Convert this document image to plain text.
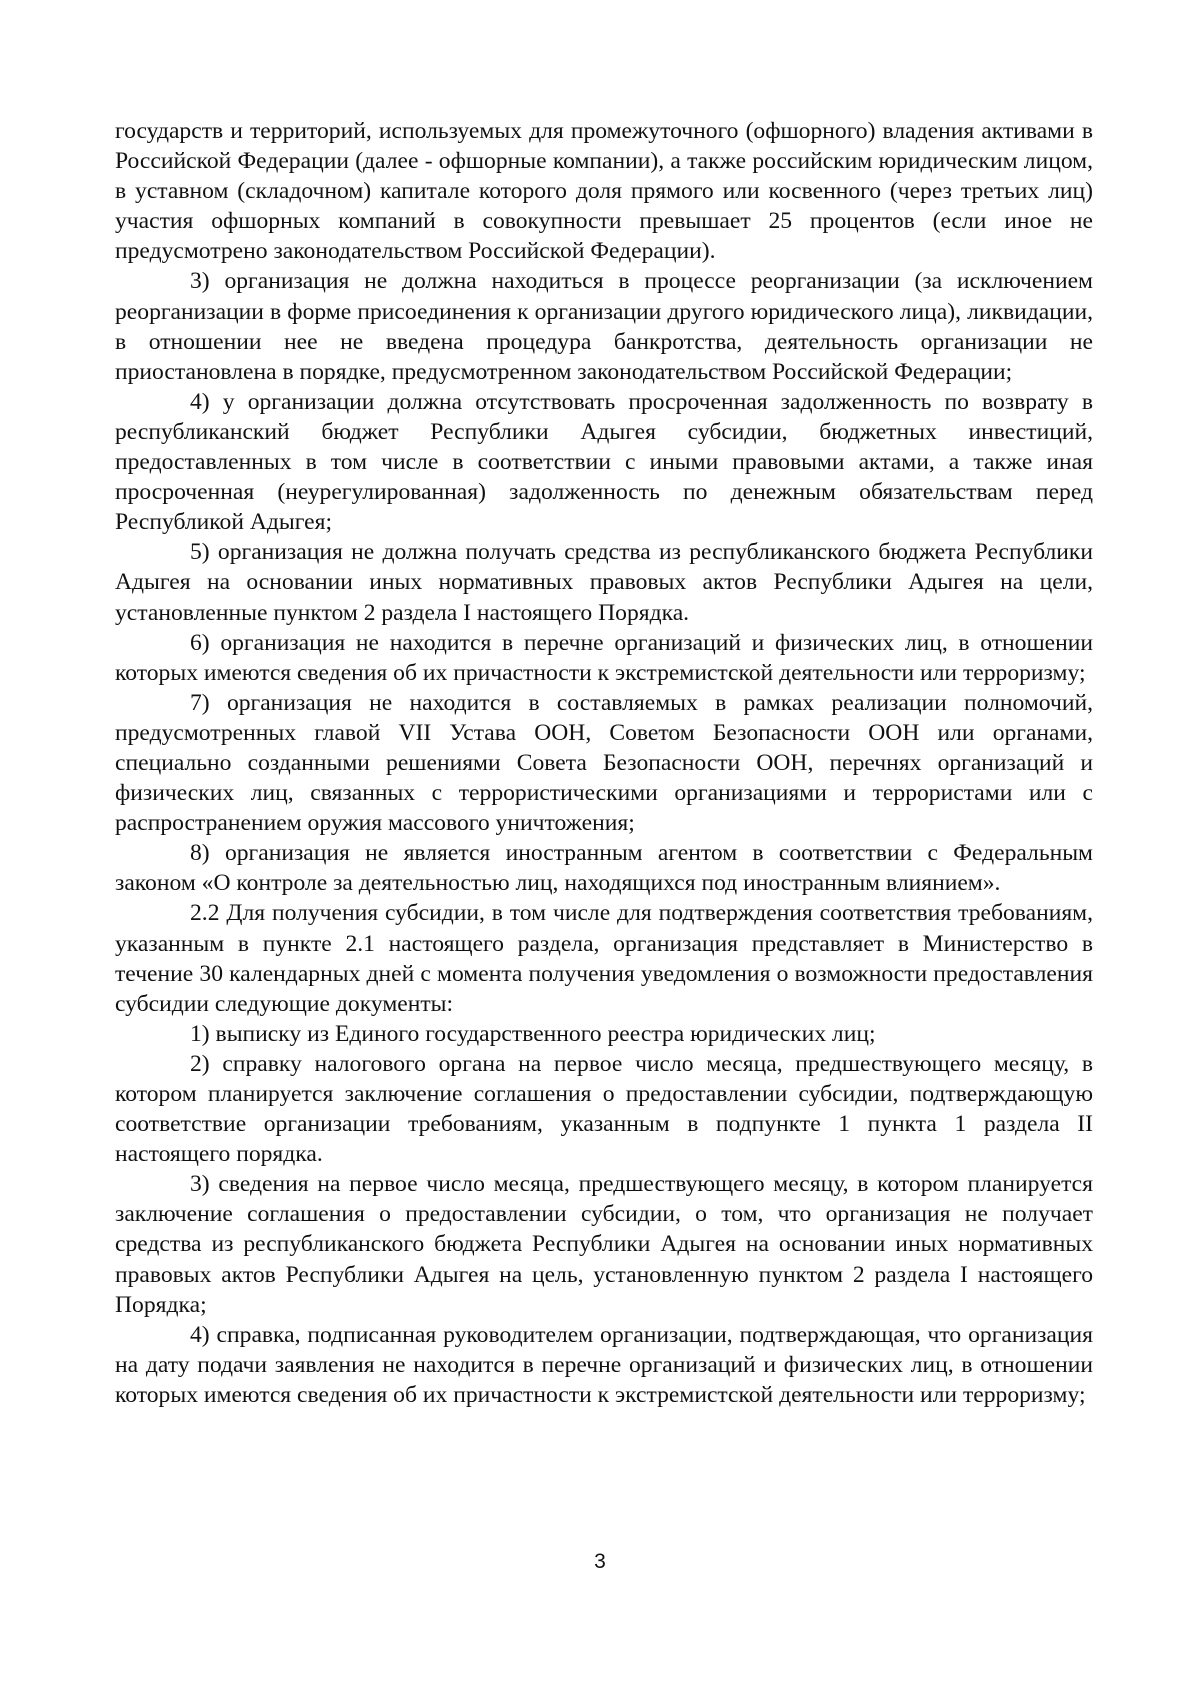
государств и территорий, используемых для промежуточного (офшорного) владения активами в Российской Федерации (далее - офшорные компании), а также российским юридическим лицом, в уставном (складочном) капитале которого доля прямого или косвенного (через третьих лиц) участия офшорных компаний в совокупности превышает 25 процентов (если иное не предусмотрено законодательством Российской Федерации).

3) организация не должна находиться в процессе реорганизации (за исключением реорганизации в форме присоединения к организации другого юридического лица), ликвидации, в отношении нее не введена процедура банкротства, деятельность организации не приостановлена в порядке, предусмотренном законодательством Российской Федерации;

4) у организации должна отсутствовать просроченная задолженность по возврату в республиканский бюджет Республики Адыгея субсидии, бюджетных инвестиций, предоставленных в том числе в соответствии с иными правовыми актами, а также иная просроченная (неурегулированная) задолженность по денежным обязательствам перед Республикой Адыгея;

5) организация не должна получать средства из республиканского бюджета Республики Адыгея на основании иных нормативных правовых актов Республики Адыгея на цели, установленные пунктом 2 раздела I настоящего Порядка.

6) организация не находится в перечне организаций и физических лиц, в отношении которых имеются сведения об их причастности к экстремистской деятельности или терроризму;

7) организация не находится в составляемых в рамках реализации полномочий, предусмотренных главой VII Устава ООН, Советом Безопасности ООН или органами, специально созданными решениями Совета Безопасности ООН, перечнях организаций и физических лиц, связанных с террористическими организациями и террористами или с распространением оружия массового уничтожения;

8) организация не является иностранным агентом в соответствии с Федеральным законом «О контроле за деятельностью лиц, находящихся под иностранным влиянием».

2.2 Для получения субсидии, в том числе для подтверждения соответствия требованиям, указанным в пункте 2.1 настоящего раздела, организация представляет в Министерство в течение 30 календарных дней с момента получения уведомления о возможности предоставления субсидии следующие документы:

1) выписку из Единого государственного реестра юридических лиц;

2) справку налогового органа на первое число месяца, предшествующего месяцу, в котором планируется заключение соглашения о предоставлении субсидии, подтверждающую соответствие организации требованиям, указанным в подпункте 1 пункта 1 раздела II настоящего порядка.

3) сведения на первое число месяца, предшествующего месяцу, в котором планируется заключение соглашения о предоставлении субсидии, о том, что организация не получает средства из республиканского бюджета Республики Адыгея на основании иных нормативных правовых актов Республики Адыгея на цель, установленную пунктом 2 раздела I настоящего Порядка;

4) справка, подписанная руководителем организации, подтверждающая, что организация на дату подачи заявления не находится в перечне организаций и физических лиц, в отношении которых имеются сведения об их причастности к экстремистской деятельности или терроризму;

3
